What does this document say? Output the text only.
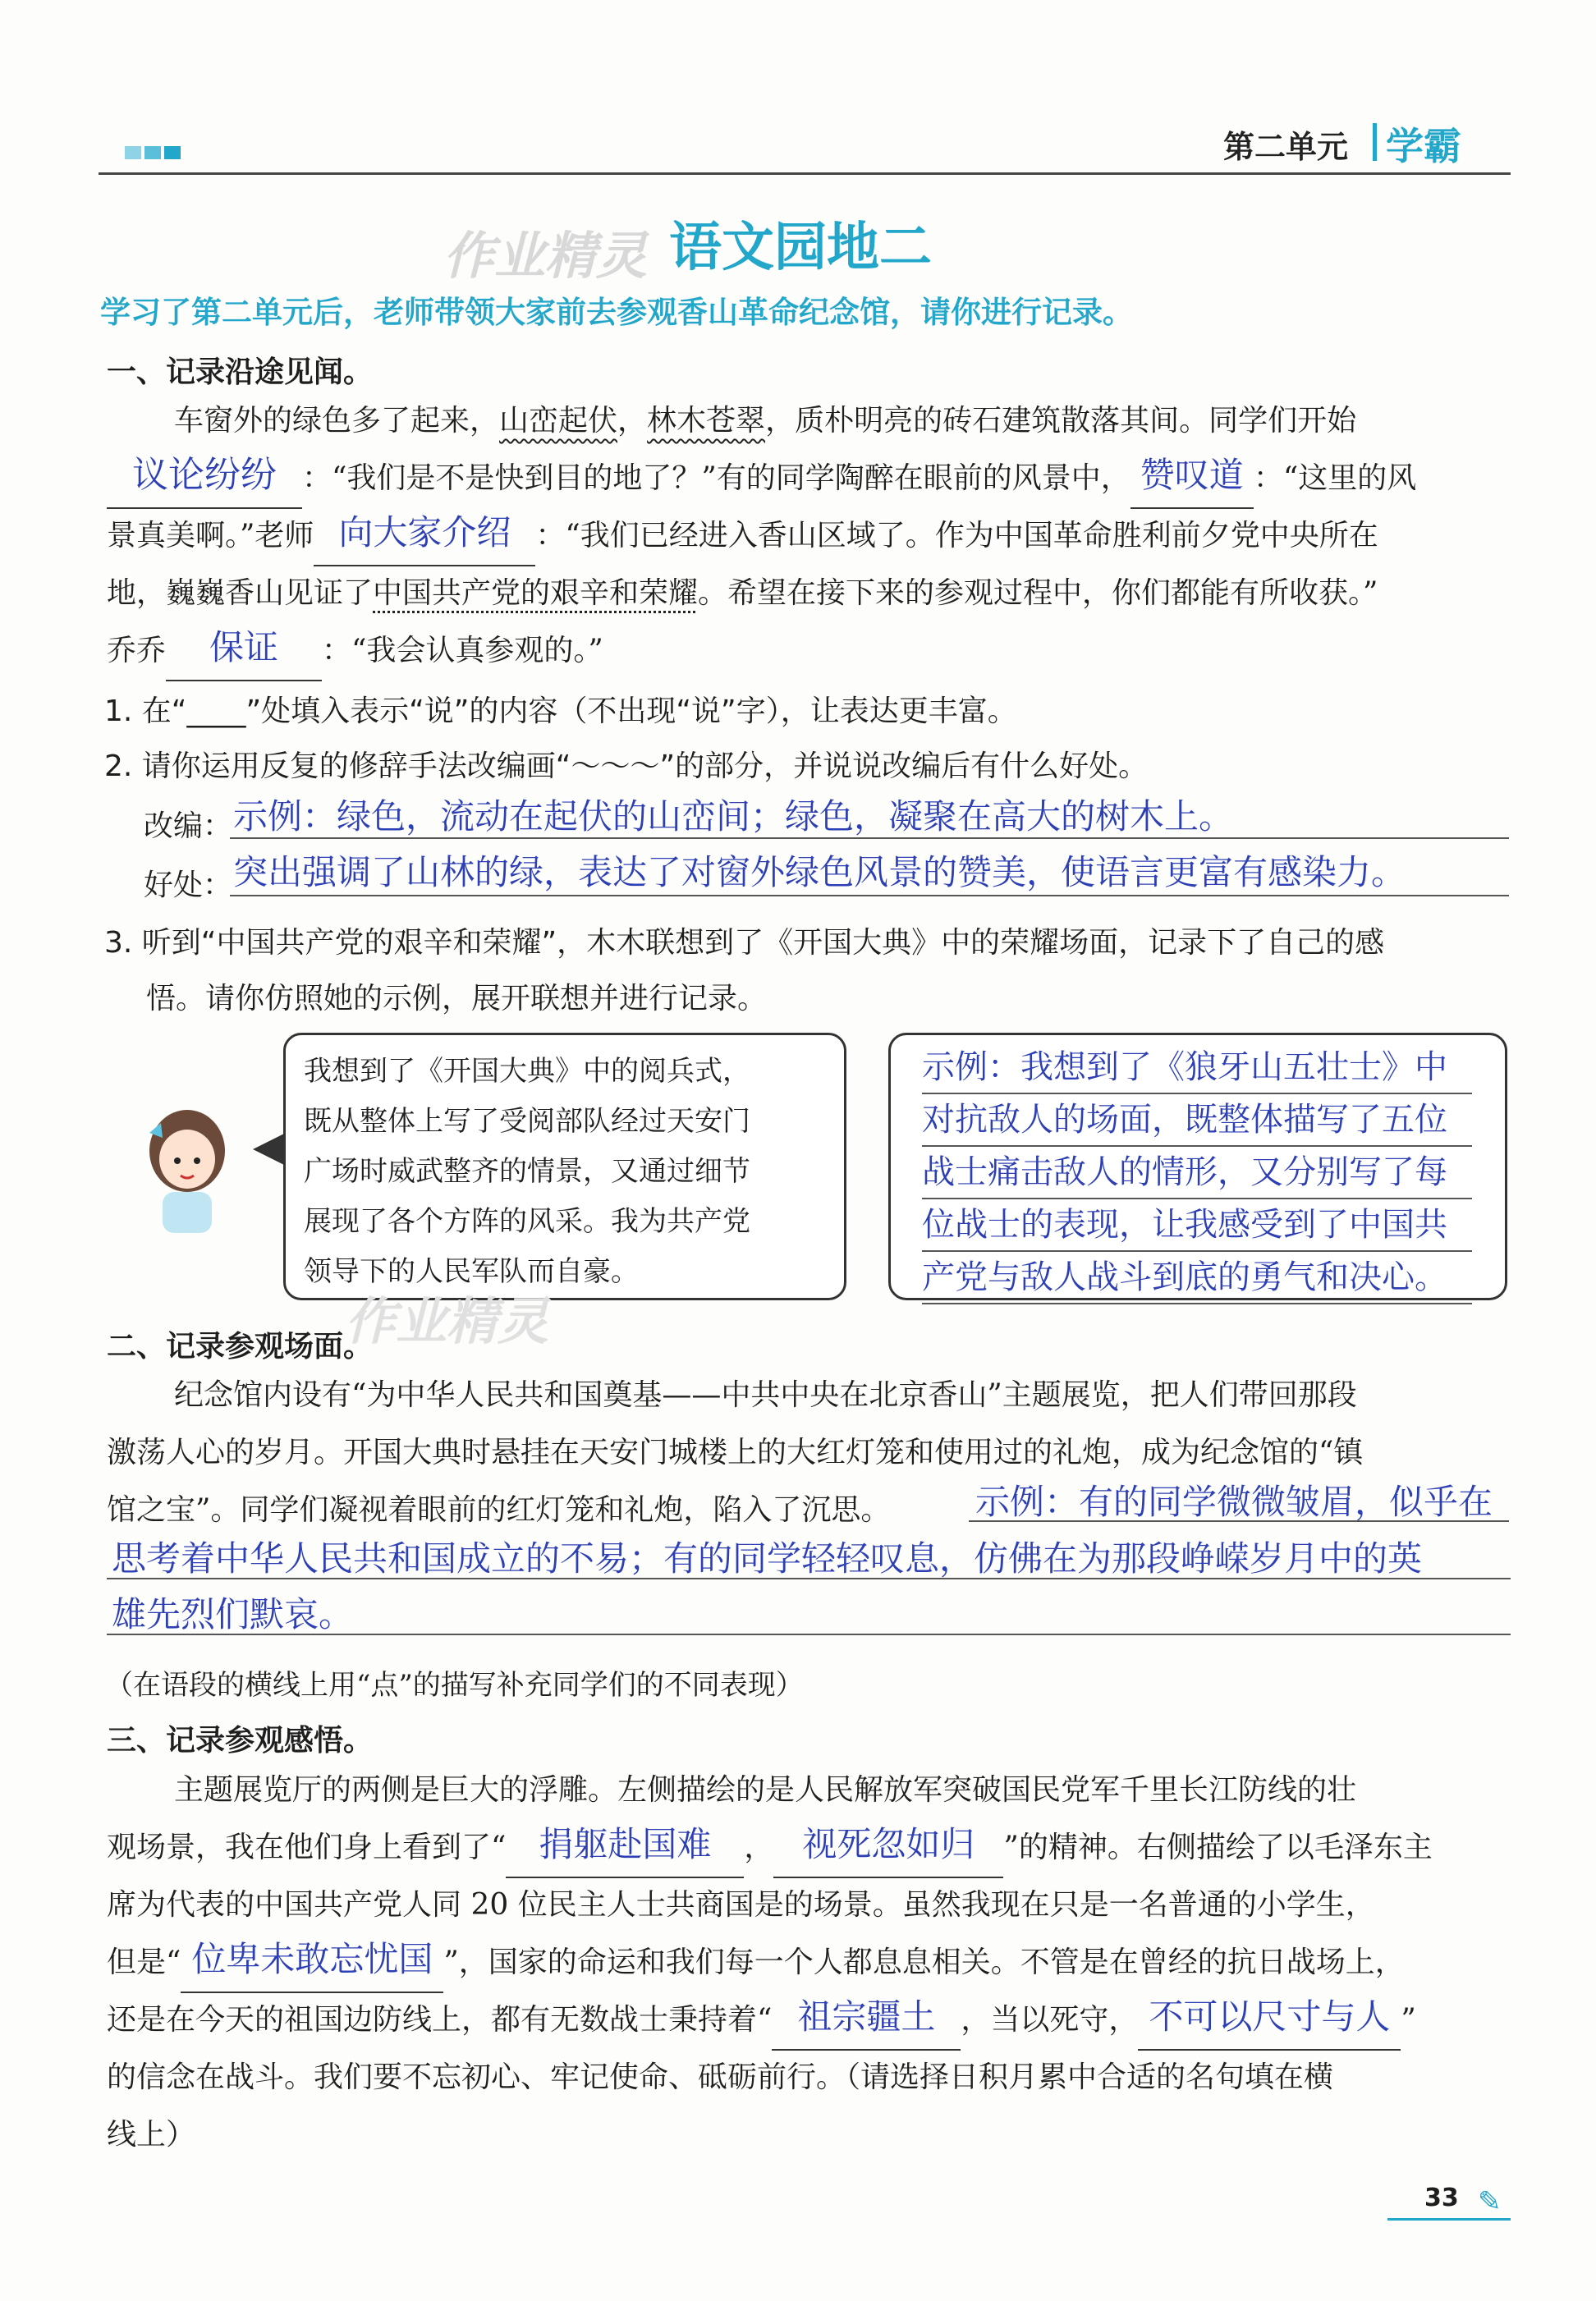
第二单元 学霸
作业精灵 语文园地二
学习了第二单元后，老师带领大家前去参观香山革命纪念馆，请你进行记录。
一、记录沿途见闻。
车窗外的绿色多了起来，山峦起伏，林木苍翠，质朴明亮的砖石建筑散落其间。同学们开始
议论纷纷 ：“我们是不是快到目的地了？”有的同学陶醉在眼前的风景中， 赞叹道 ：“这里的风
景真美啊。”老师 向大家介绍 ：“我们已经进入香山区域了。作为中国革命胜利前夕党中央所在
地，巍巍香山见证了中国共产党的艰辛和荣耀。希望在接下来的参观过程中，你们都能有所收获。”
乔乔	保证	：“我会认真参观的。”
1. 在“____”处填入表示“说”的内容（不出现“说”字），让表达更丰富。
2. 请你运用反复的修辞手法改编画“～～～”的部分，并说说改编后有什么好处。
改编： 示例：绿色，流动在起伏的山峦间；绿色，凝聚在高大的树木上。
好处： 突出强调了山林的绿，表达了对窗外绿色风景的赞美，使语言更富有感染力。
3. 听到“中国共产党的艰辛和荣耀”，木木联想到了《开国大典》中的荣耀场面，记录下了自己的感
悟。请你仿照她的示例，展开联想并进行记录。
我想到了《开国大典》中的阅兵式，
既从整体上写了受阅部队经过天安门
广场时威武整齐的情景，又通过细节
展现了各个方阵的风采。我为共产党
领导下的人民军队而自豪。
示例：我想到了《狼牙山五壮士》中
对抗敌人的场面，既整体描写了五位
战士痛击敌人的情形，又分别写了每
位战士的表现，让我感受到了中国共
产党与敌人战斗到底的勇气和决心。
作业精灵
二、记录参观场面。
纪念馆内设有“为中华人民共和国奠基——中共中央在北京香山”主题展览，把人们带回那段
激荡人心的岁月。开国大典时悬挂在天安门城楼上的大红灯笼和使用过的礼炮，成为纪念馆的“镇
馆之宝”。同学们凝视着眼前的红灯笼和礼炮，陷入了沉思。	示例：有的同学微微皱眉，似乎在
思考着中华人民共和国成立的不易；有的同学轻轻叹息，仿佛在为那段峥嵘岁月中的英
雄先烈们默哀。
（在语段的横线上用“点”的描写补充同学们的不同表现）
三、记录参观感悟。
主题展览厅的两侧是巨大的浮雕。左侧描绘的是人民解放军突破国民党军千里长江防线的壮
观场景，我在他们身上看到了“ 捐躯赴国难	， 视死忽如归 ”的精神。右侧描绘了以毛泽东主
席为代表的中国共产党人同 20 位民主人士共商国是的场景。虽然我现在只是一名普通的小学生，
但是“ 位卑未敢忘忧国 ”，国家的命运和我们每一个人都息息相关。不管是在曾经的抗日战场上，
还是在今天的祖国边防线上，都有无数战士秉持着“ 祖宗疆土 ，当以死守， 不可以尺寸与人 ”
的信念在战斗。我们要不忘初心、牢记使命、砥砺前行。（请选择日积月累中合适的名句填在横
线上）
33 ✎
